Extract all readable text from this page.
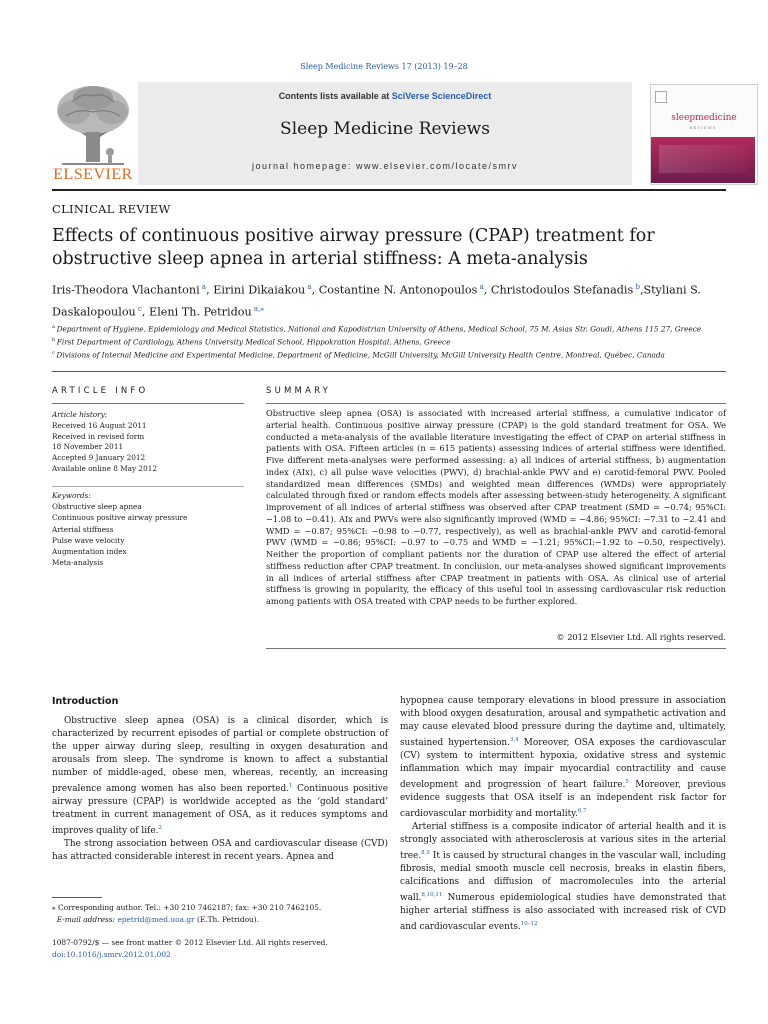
Sleep Medicine Reviews 17 (2013) 19–28
ELSEVIER
Contents lists available at SciVerse ScienceDirect
Sleep Medicine Reviews
journal homepage: www.elsevier.com/locate/smrv
sleepmedicine
REVIEWS
CLINICAL REVIEW
Effects of continuous positive airway pressure (CPAP) treatment for obstructive sleep apnea in arterial stiffness: A meta-analysis
Iris-Theodora Vlachantoni $^a$, Eirini Dikaiakou $^a$, Costantine N. Antonopoulos $^a$, Christodoulos Stefanadis $^b$,Styliani S. Daskalopoulou $^c$, Eleni Th. Petridou $^{a,⁎}$
$^a$ Department of Hygiene, Epidemiology and Medical Statistics, National and Kapodistrian University of Athens, Medical School, 75 M. Asias Str. Goudi, Athens 115 27, Greece
$^b$ First Department of Cardiology, Athens University Medical School, Hippokration Hospital, Athens, Greece
$^c$ Divisions of Internal Medicine and Experimental Medicine, Department of Medicine, McGill University, McGill University Health Centre, Montreal, Québec, Canada
ARTICLE INFO	SUMMARY
Article history:
Received 16 August 2011
Received in revised form
18 November 2011
Accepted 9 January 2012
Available online 8 May 2012
Keywords:
Obstructive sleep apnea
Continuous positive airway pressure
Arterial stiffness
Pulse wave velocity
Augmentation index
Meta-analysis
Obstructive sleep apnea (OSA) is associated with increased arterial stiffness, a cumulative indicator of arterial health. Continuous positive airway pressure (CPAP) is the gold standard treatment for OSA. We conducted a meta-analysis of the available literature investigating the effect of CPAP on arterial stiffness in patients with OSA. Fifteen articles (n = 615 patients) assessing indices of arterial stiffness were identified. Five different meta-analyses were performed assessing: a) all indices of arterial stiffness, b) augmentation index (AIx), c) all pulse wave velocities (PWV), d) brachial-ankle PWV and e) carotid-femoral PWV. Pooled standardized mean differences (SMDs) and weighted mean differences (WMDs) were appropriately calculated through fixed or random effects models after assessing between-study heterogeneity. A significant improvement of all indices of arterial stiffness was observed after CPAP treatment (SMD = −0.74; 95%CI: −1.08 to −0.41). AIx and PWVs were also significantly improved (WMD = −4.86; 95%CI: −7.31 to −2.41 and WMD = −0.87; 95%CI: −0.98 to −0.77, respectively), as well as brachial-ankle PWV and carotid-femoral PWV (WMD = −0.86; 95%CI: −0.97 to −0.75 and WMD = −1.21; 95%CI:−1.92 to −0.50, respectively). Neither the proportion of compliant patients nor the duration of CPAP use altered the effect of arterial stiffness reduction after CPAP treatment. In conclusion, our meta-analyses showed significant improvements in all indices of arterial stiffness after CPAP treatment in patients with OSA. As clinical use of arterial stiffness is growing in popularity, the efficacy of this useful tool in assessing cardiovascular risk reduction among patients with OSA treated with CPAP needs to be further explored.
© 2012 Elsevier Ltd. All rights reserved.
Introduction

Obstructive sleep apnea (OSA) is a clinical disorder, which is characterized by recurrent episodes of partial or complete obstruction of the upper airway during sleep, resulting in oxygen desaturation and arousals from sleep. The syndrome is known to affect a substantial number of middle-aged, obese men, whereas, recently, an increasing prevalence among women has also been reported.$^1$ Continuous positive airway pressure (CPAP) is worldwide accepted as the ‘gold standard’ treatment in current management of OSA, as it reduces symptoms and improves quality of life.$^2$

The strong association between OSA and cardiovascular disease (CVD) has attracted considerable interest in recent years. Apnea and

hypopnea cause temporary elevations in blood pressure in association with blood oxygen desaturation, arousal and sympathetic activation and may cause elevated blood pressure during the daytime and, ultimately, sustained hypertension.$^{3,4}$ Moreover, OSA exposes the cardiovascular (CV) system to intermittent hypoxia, oxidative stress and systemic inflammation which may impair myocardial contractility and cause development and progression of heart failure.$^5$ Moreover, previous evidence suggests that OSA itself is an independent risk factor for cardiovascular morbidity and mortality.$^{6,7}$

Arterial stiffness is a composite indicator of arterial health and it is strongly associated with atherosclerosis at various sites in the arterial tree.$^{8,9}$ It is caused by structural changes in the vascular wall, including fibrosis, medial smooth muscle cell necrosis, breaks in elastin fibers, calcifications and diffusion of macromolecules into the arterial wall.$^{8,10,11}$ Numerous epidemiological studies have demonstrated that higher arterial stiffness is also associated with increased risk of CVD and cardiovascular events.$^{10-12}$

⁎ Corresponding author. Tel.: +30 210 7462187; fax: +30 210 7462105.
E-mail address: epetrid@med.uoa.gr (E.Th. Petridou).
1087-0792/$ — see front matter © 2012 Elsevier Ltd. All rights reserved.
doi:10.1016/j.smrv.2012.01.002
